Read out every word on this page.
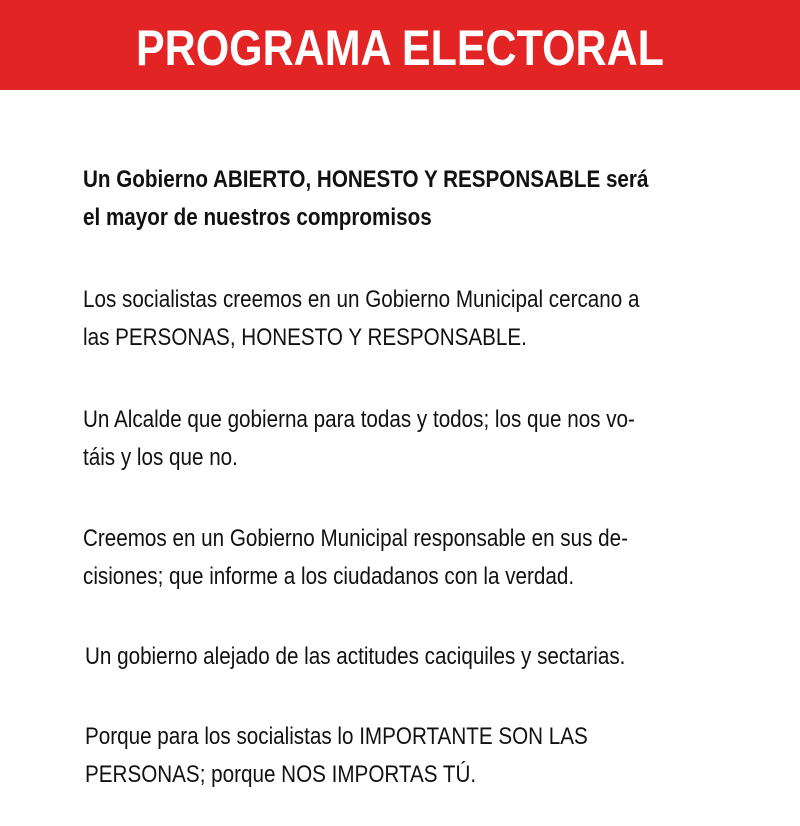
PROGRAMA ELECTORAL
Un Gobierno ABIERTO, HONESTO Y RESPONSABLE será
el mayor de nuestros compromisos
Los socialistas creemos en un Gobierno Municipal cercano a
las PERSONAS, HONESTO Y RESPONSABLE.
Un Alcalde que gobierna para todas y todos; los que nos vo-
táis y los que no.
Creemos en un Gobierno Municipal responsable en sus de-
cisiones; que informe a los ciudadanos con la verdad.
Un gobierno alejado de las actitudes caciquiles y sectarias.
Porque para los socialistas lo IMPORTANTE SON LAS
PERSONAS; porque NOS IMPORTAS TÚ.
